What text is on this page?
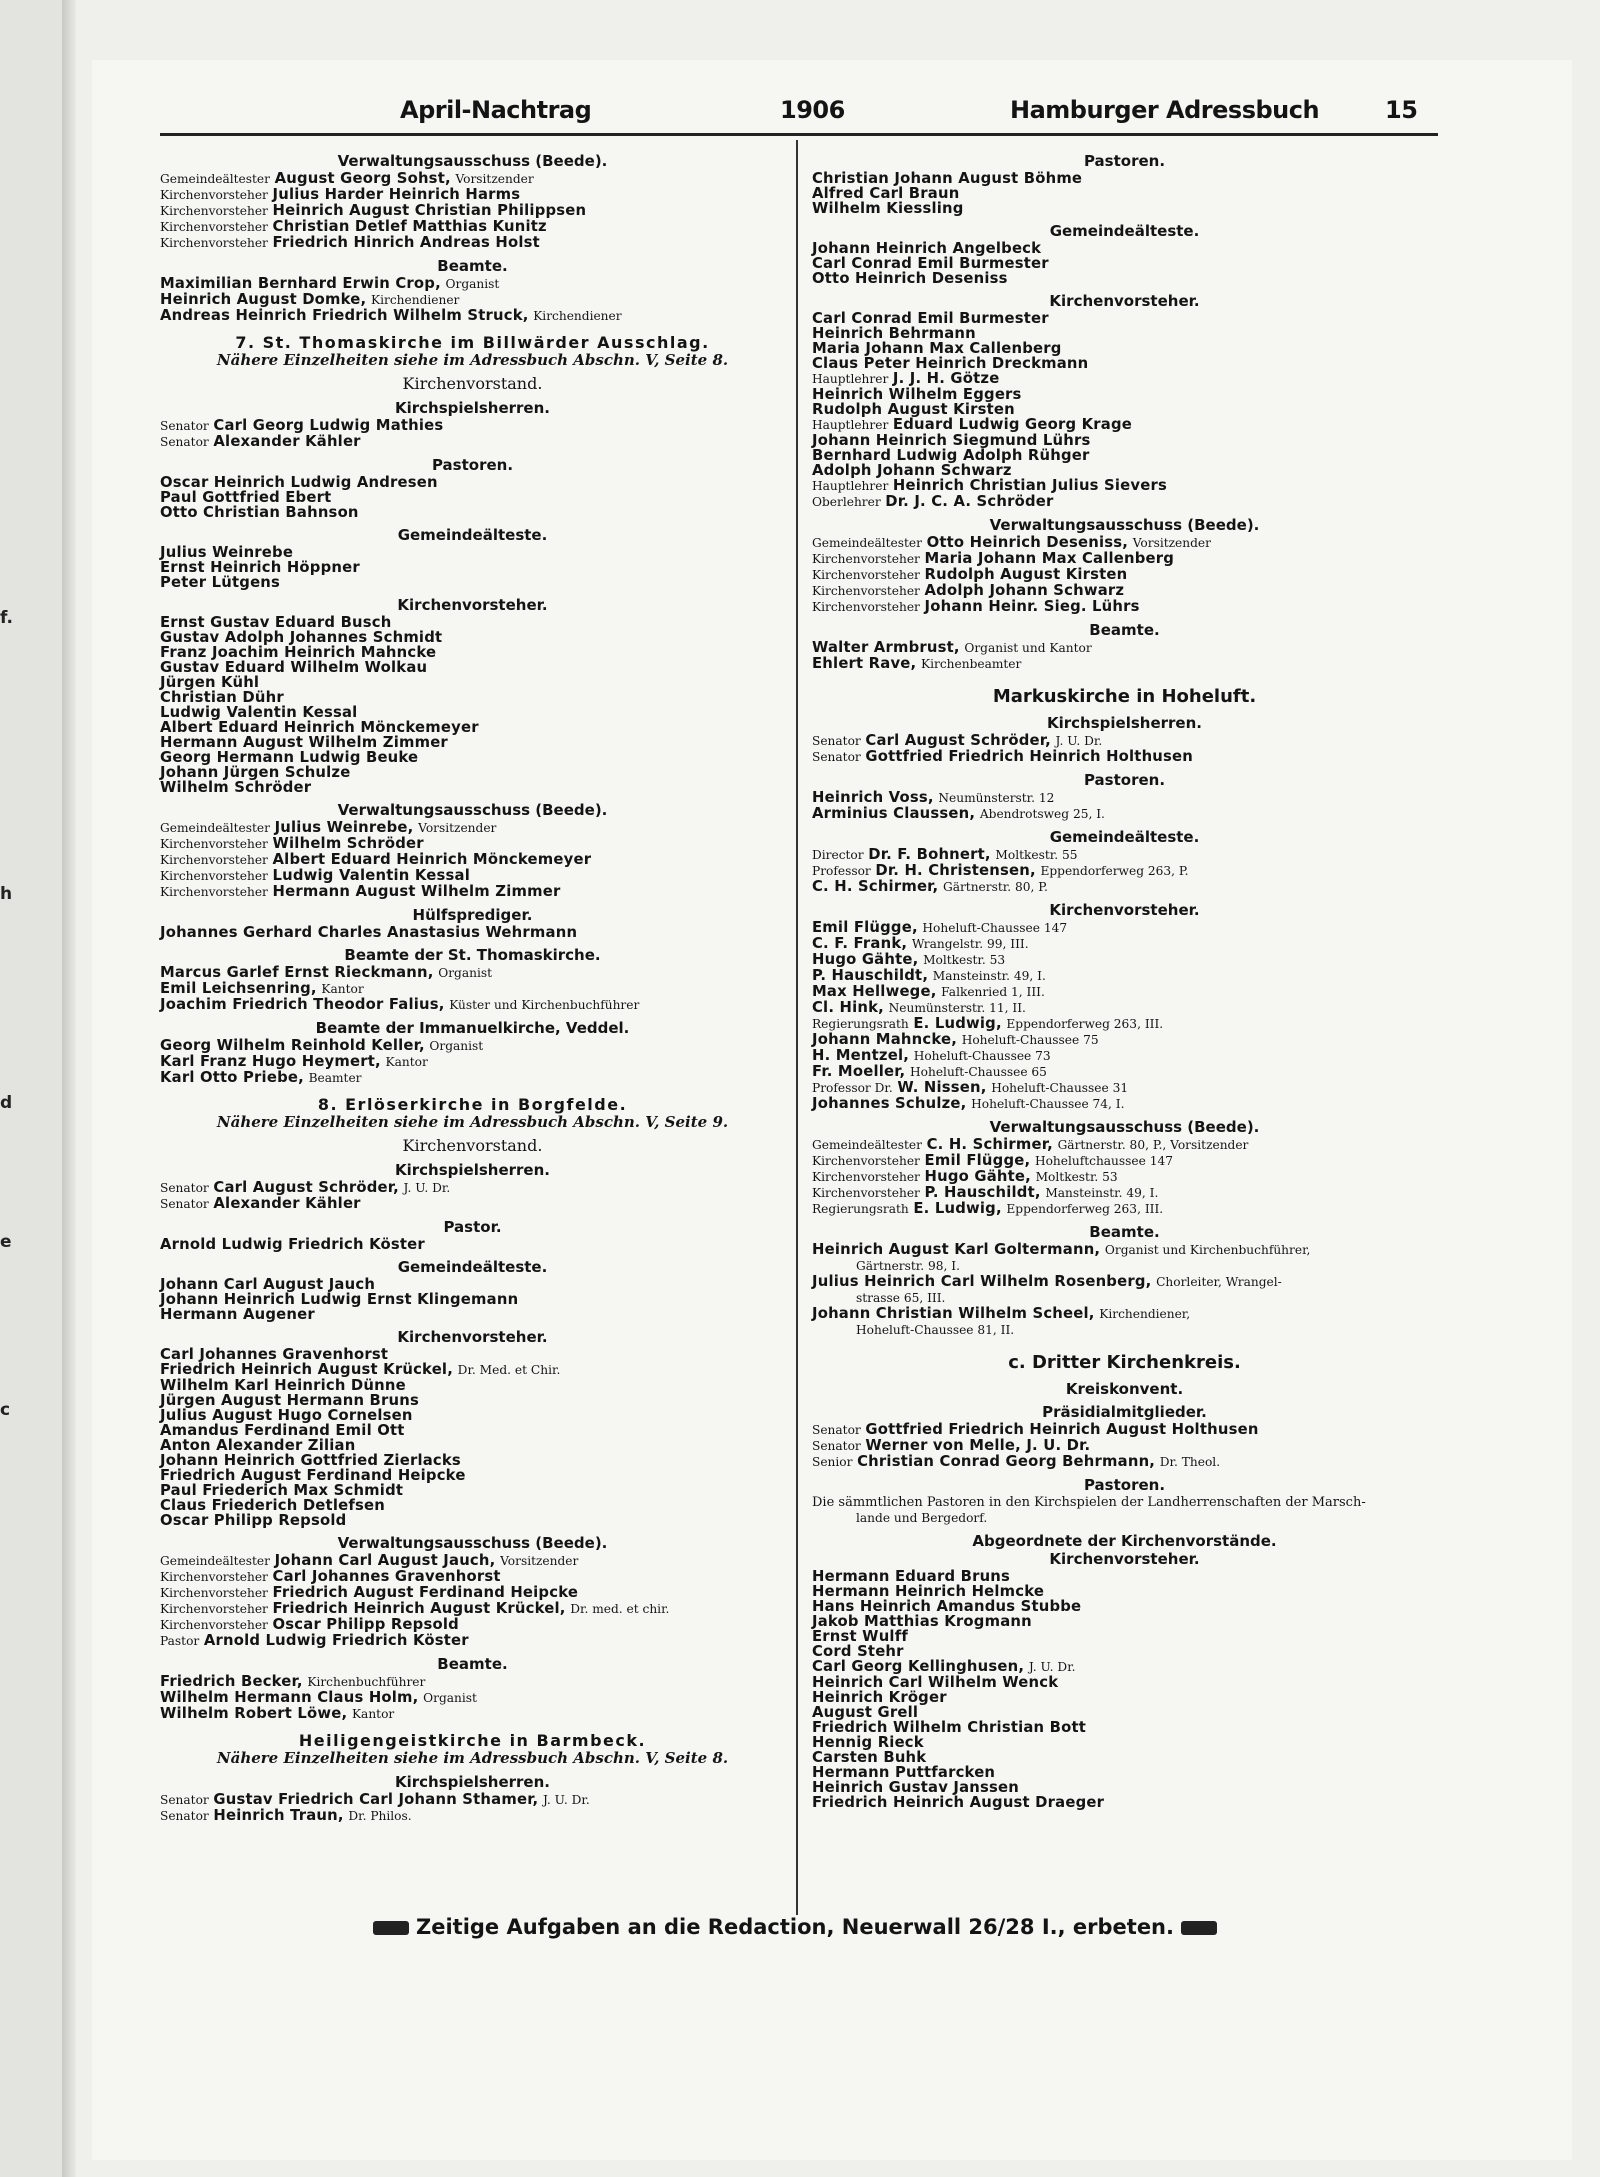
f.
h
d
e
c
April-Nachtrag	1906	Hamburger Adressbuch	15
Verwaltungsausschuss (Beede).
Gemeindeältester August Georg Sohst, Vorsitzender
Kirchenvorsteher Julius Harder Heinrich Harms
Kirchenvorsteher Heinrich August Christian Philippsen
Kirchenvorsteher Christian Detlef Matthias Kunitz
Kirchenvorsteher Friedrich Hinrich Andreas Holst
Beamte.
Maximilian Bernhard Erwin Crop, Organist
Heinrich August Domke, Kirchendiener
Andreas Heinrich Friedrich Wilhelm Struck, Kirchendiener
7. St. Thomaskirche im Billwärder Ausschlag.
Nähere Einzelheiten siehe im Adressbuch Abschn. V, Seite 8.
Kirchenvorstand.
Kirchspielsherren.
Senator Carl Georg Ludwig Mathies
Senator Alexander Kähler
Pastoren.
Oscar Heinrich Ludwig Andresen
Paul Gottfried Ebert
Otto Christian Bahnson
Gemeindeälteste.
Julius Weinrebe
Ernst Heinrich Höppner
Peter Lütgens
Kirchenvorsteher.
Ernst Gustav Eduard Busch
Gustav Adolph Johannes Schmidt
Franz Joachim Heinrich Mahncke
Gustav Eduard Wilhelm Wolkau
Jürgen Kühl
Christian Dühr
Ludwig Valentin Kessal
Albert Eduard Heinrich Mönckemeyer
Hermann August Wilhelm Zimmer
Georg Hermann Ludwig Beuke
Johann Jürgen Schulze
Wilhelm Schröder
Verwaltungsausschuss (Beede).
Gemeindeältester Julius Weinrebe, Vorsitzender
Kirchenvorsteher Wilhelm Schröder
Kirchenvorsteher Albert Eduard Heinrich Mönckemeyer
Kirchenvorsteher Ludwig Valentin Kessal
Kirchenvorsteher Hermann August Wilhelm Zimmer
Hülfsprediger.
Johannes Gerhard Charles Anastasius Wehrmann
Beamte der St. Thomaskirche.
Marcus Garlef Ernst Rieckmann, Organist
Emil Leichsenring, Kantor
Joachim Friedrich Theodor Falius, Küster und Kirchenbuchführer
Beamte der Immanuelkirche, Veddel.
Georg Wilhelm Reinhold Keller, Organist
Karl Franz Hugo Heymert, Kantor
Karl Otto Priebe, Beamter
8. Erlöserkirche in Borgfelde.
Nähere Einzelheiten siehe im Adressbuch Abschn. V, Seite 9.
Kirchenvorstand.
Kirchspielsherren.
Senator Carl August Schröder, J. U. Dr.
Senator Alexander Kähler
Pastor.
Arnold Ludwig Friedrich Köster
Gemeindeälteste.
Johann Carl August Jauch
Johann Heinrich Ludwig Ernst Klingemann
Hermann Augener
Kirchenvorsteher.
Carl Johannes Gravenhorst
Friedrich Heinrich August Krückel, Dr. Med. et Chir.
Wilhelm Karl Heinrich Dünne
Jürgen August Hermann Bruns
Julius August Hugo Cornelsen
Amandus Ferdinand Emil Ott
Anton Alexander Zilian
Johann Heinrich Gottfried Zierlacks
Friedrich August Ferdinand Heipcke
Paul Friederich Max Schmidt
Claus Friederich Detlefsen
Oscar Philipp Repsold
Verwaltungsausschuss (Beede).
Gemeindeältester Johann Carl August Jauch, Vorsitzender
Kirchenvorsteher Carl Johannes Gravenhorst
Kirchenvorsteher Friedrich August Ferdinand Heipcke
Kirchenvorsteher Friedrich Heinrich August Krückel, Dr. med. et chir.
Kirchenvorsteher Oscar Philipp Repsold
Pastor Arnold Ludwig Friedrich Köster
Beamte.
Friedrich Becker, Kirchenbuchführer
Wilhelm Hermann Claus Holm, Organist
Wilhelm Robert Löwe, Kantor
Heiligengeistkirche in Barmbeck.
Nähere Einzelheiten siehe im Adressbuch Abschn. V, Seite 8.
Kirchspielsherren.
Senator Gustav Friedrich Carl Johann Sthamer, J. U. Dr.
Senator Heinrich Traun, Dr. Philos.
Pastoren.
Christian Johann August Böhme
Alfred Carl Braun
Wilhelm Kiessling
Gemeindeälteste.
Johann Heinrich Angelbeck
Carl Conrad Emil Burmester
Otto Heinrich Deseniss
Kirchenvorsteher.
Carl Conrad Emil Burmester
Heinrich Behrmann
Maria Johann Max Callenberg
Claus Peter Heinrich Dreckmann
Hauptlehrer J. J. H. Götze
Heinrich Wilhelm Eggers
Rudolph August Kirsten
Hauptlehrer Eduard Ludwig Georg Krage
Johann Heinrich Siegmund Lührs
Bernhard Ludwig Adolph Rühger
Adolph Johann Schwarz
Hauptlehrer Heinrich Christian Julius Sievers
Oberlehrer Dr. J. C. A. Schröder
Verwaltungsausschuss (Beede).
Gemeindeältester Otto Heinrich Deseniss, Vorsitzender
Kirchenvorsteher Maria Johann Max Callenberg
Kirchenvorsteher Rudolph August Kirsten
Kirchenvorsteher Adolph Johann Schwarz
Kirchenvorsteher Johann Heinr. Sieg. Lührs
Beamte.
Walter Armbrust, Organist und Kantor
Ehlert Rave, Kirchenbeamter
Markuskirche in Hoheluft.
Kirchspielsherren.
Senator Carl August Schröder, J. U. Dr.
Senator Gottfried Friedrich Heinrich Holthusen
Pastoren.
Heinrich Voss, Neumünsterstr. 12
Arminius Claussen, Abendrotsweg 25, I.
Gemeindeälteste.
Director Dr. F. Bohnert, Moltkestr. 55
Professor Dr. H. Christensen, Eppendorferweg 263, P.
C. H. Schirmer, Gärtnerstr. 80, P.
Kirchenvorsteher.
Emil Flügge, Hoheluft-Chaussee 147
C. F. Frank, Wrangelstr. 99, III.
Hugo Gähte, Moltkestr. 53
P. Hauschildt, Mansteinstr. 49, I.
Max Hellwege, Falkenried 1, III.
Cl. Hink, Neumünsterstr. 11, II.
Regierungsrath E. Ludwig, Eppendorferweg 263, III.
Johann Mahncke, Hoheluft-Chaussee 75
H. Mentzel, Hoheluft-Chaussee 73
Fr. Moeller, Hoheluft-Chaussee 65
Professor Dr. W. Nissen, Hoheluft-Chaussee 31
Johannes Schulze, Hoheluft-Chaussee 74, I.
Verwaltungsausschuss (Beede).
Gemeindeältester C. H. Schirmer, Gärtnerstr. 80, P., Vorsitzender
Kirchenvorsteher Emil Flügge, Hoheluftchaussee 147
Kirchenvorsteher Hugo Gähte, Moltkestr. 53
Kirchenvorsteher P. Hauschildt, Mansteinstr. 49, I.
Regierungsrath E. Ludwig, Eppendorferweg 263, III.
Beamte.
Heinrich August Karl Goltermann, Organist und Kirchenbuchführer,
Gärtnerstr. 98, I.
Julius Heinrich Carl Wilhelm Rosenberg, Chorleiter, Wrangel-
strasse 65, III.
Johann Christian Wilhelm Scheel, Kirchendiener,
Hoheluft-Chaussee 81, II.
c. Dritter Kirchenkreis.
Kreiskonvent.
Präsidialmitglieder.
Senator Gottfried Friedrich Heinrich August Holthusen
Senator Werner von Melle, J. U. Dr.
Senior Christian Conrad Georg Behrmann, Dr. Theol.
Pastoren.
Die sämmtlichen Pastoren in den Kirchspielen der Landherrenschaften der Marsch-
lande und Bergedorf.
Abgeordnete der Kirchenvorstände.
Kirchenvorsteher.
Hermann Eduard Bruns
Hermann Heinrich Helmcke
Hans Heinrich Amandus Stubbe
Jakob Matthias Krogmann
Ernst Wulff
Cord Stehr
Carl Georg Kellinghusen, J. U. Dr.
Heinrich Carl Wilhelm Wenck
Heinrich Kröger
August Grell
Friedrich Wilhelm Christian Bott
Hennig Rieck
Carsten Buhk
Hermann Puttfarcken
Heinrich Gustav Janssen
Friedrich Heinrich August Draeger
Zeitige Aufgaben an die Redaction, Neuerwall 26/28 I., erbeten.
